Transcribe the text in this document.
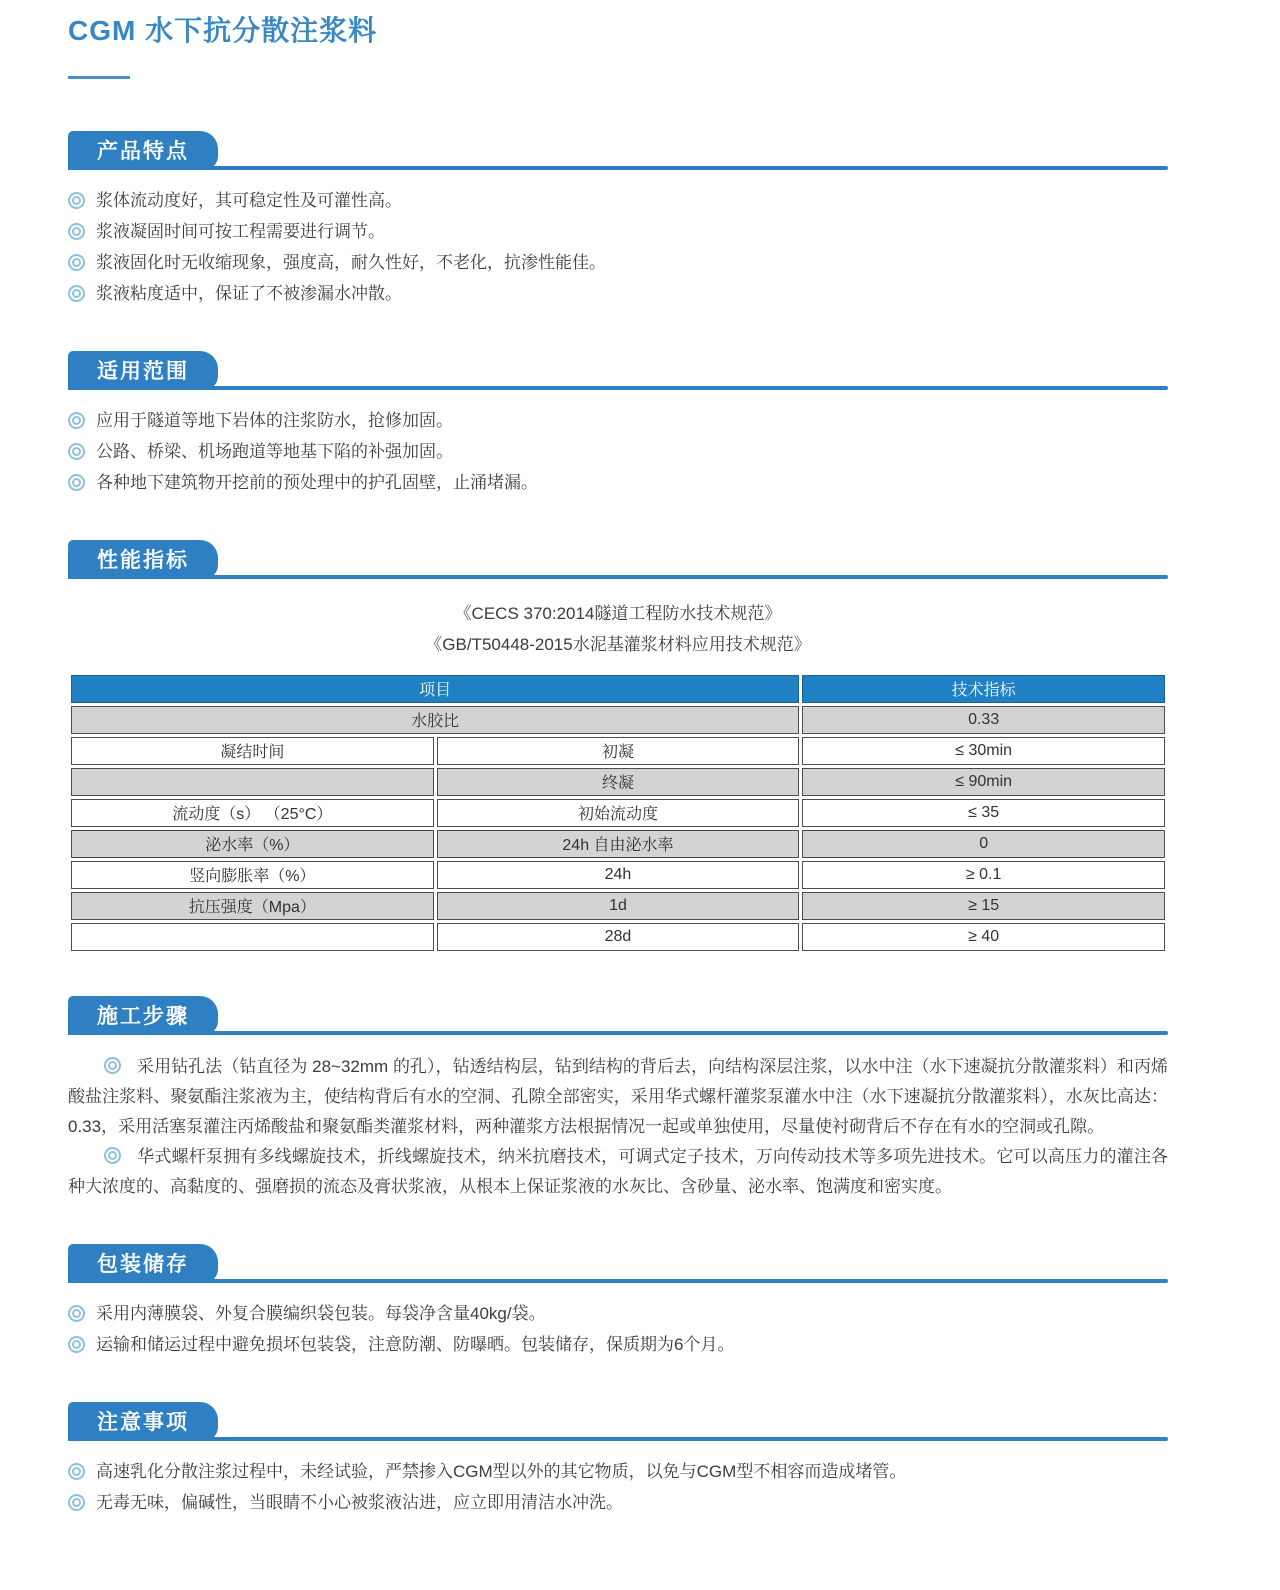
CGM 水下抗分散注浆料
产品特点
浆体流动度好，其可稳定性及可灌性高。
浆液凝固时间可按工程需要进行调节。
浆液固化时无收缩现象，强度高，耐久性好，不老化，抗渗性能佳。
浆液粘度适中，保证了不被渗漏水冲散。
适用范围
应用于隧道等地下岩体的注浆防水，抢修加固。
公路、桥梁、机场跑道等地基下陷的补强加固。
各种地下建筑物开挖前的预处理中的护孔固壁，止涌堵漏。
性能指标
《CECS 370:2014隧道工程防水技术规范》
《GB/T50448-2015水泥基灌浆材料应用技术规范》
项目		技术指标
水胶比		0.33
凝结时间	初凝	≤ 30min
	终凝	≤ 90min
流动度（s） （25°C）	初始流动度	≤ 35
泌水率（%）	24h 自由泌水率	0
竖向膨胀率（%）	24h	≥ 0.1
抗压强度（Mpa）	1d	≥ 15
	28d	≥ 40
施工步骤

采用钻孔法（钻直径为 28~32mm 的孔），钻透结构层，钻到结构的背后去，向结构深层注浆，以水中注（水下速凝抗分散灌浆料）和丙烯酸盐注浆料、聚氨酯注浆液为主，使结构背后有水的空洞、孔隙全部密实，采用华式螺杆灌浆泵灌水中注（水下速凝抗分散灌浆料），水灰比高达：0.33，采用活塞泵灌注丙烯酸盐和聚氨酯类灌浆材料，两种灌浆方法根据情况一起或单独使用，尽量使衬砌背后不存在有水的空洞或孔隙。

华式螺杆泵拥有多线螺旋技术，折线螺旋技术，纳米抗磨技术，可调式定子技术，万向传动技术等多项先进技术。它可以高压力的灌注各种大浓度的、高黏度的、强磨损的流态及膏状浆液，从根本上保证浆液的水灰比、含砂量、泌水率、饱满度和密实度。

包装储存
采用内薄膜袋、外复合膜编织袋包装。每袋净含量40kg/袋。
运输和储运过程中避免损坏包装袋，注意防潮、防曝晒。包装储存，保质期为6个月。
注意事项
高速乳化分散注浆过程中，未经试验，严禁掺入CGM型以外的其它物质，以免与CGM型不相容而造成堵管。
无毒无味，偏碱性，当眼睛不小心被浆液沾进，应立即用清洁水冲洗。
